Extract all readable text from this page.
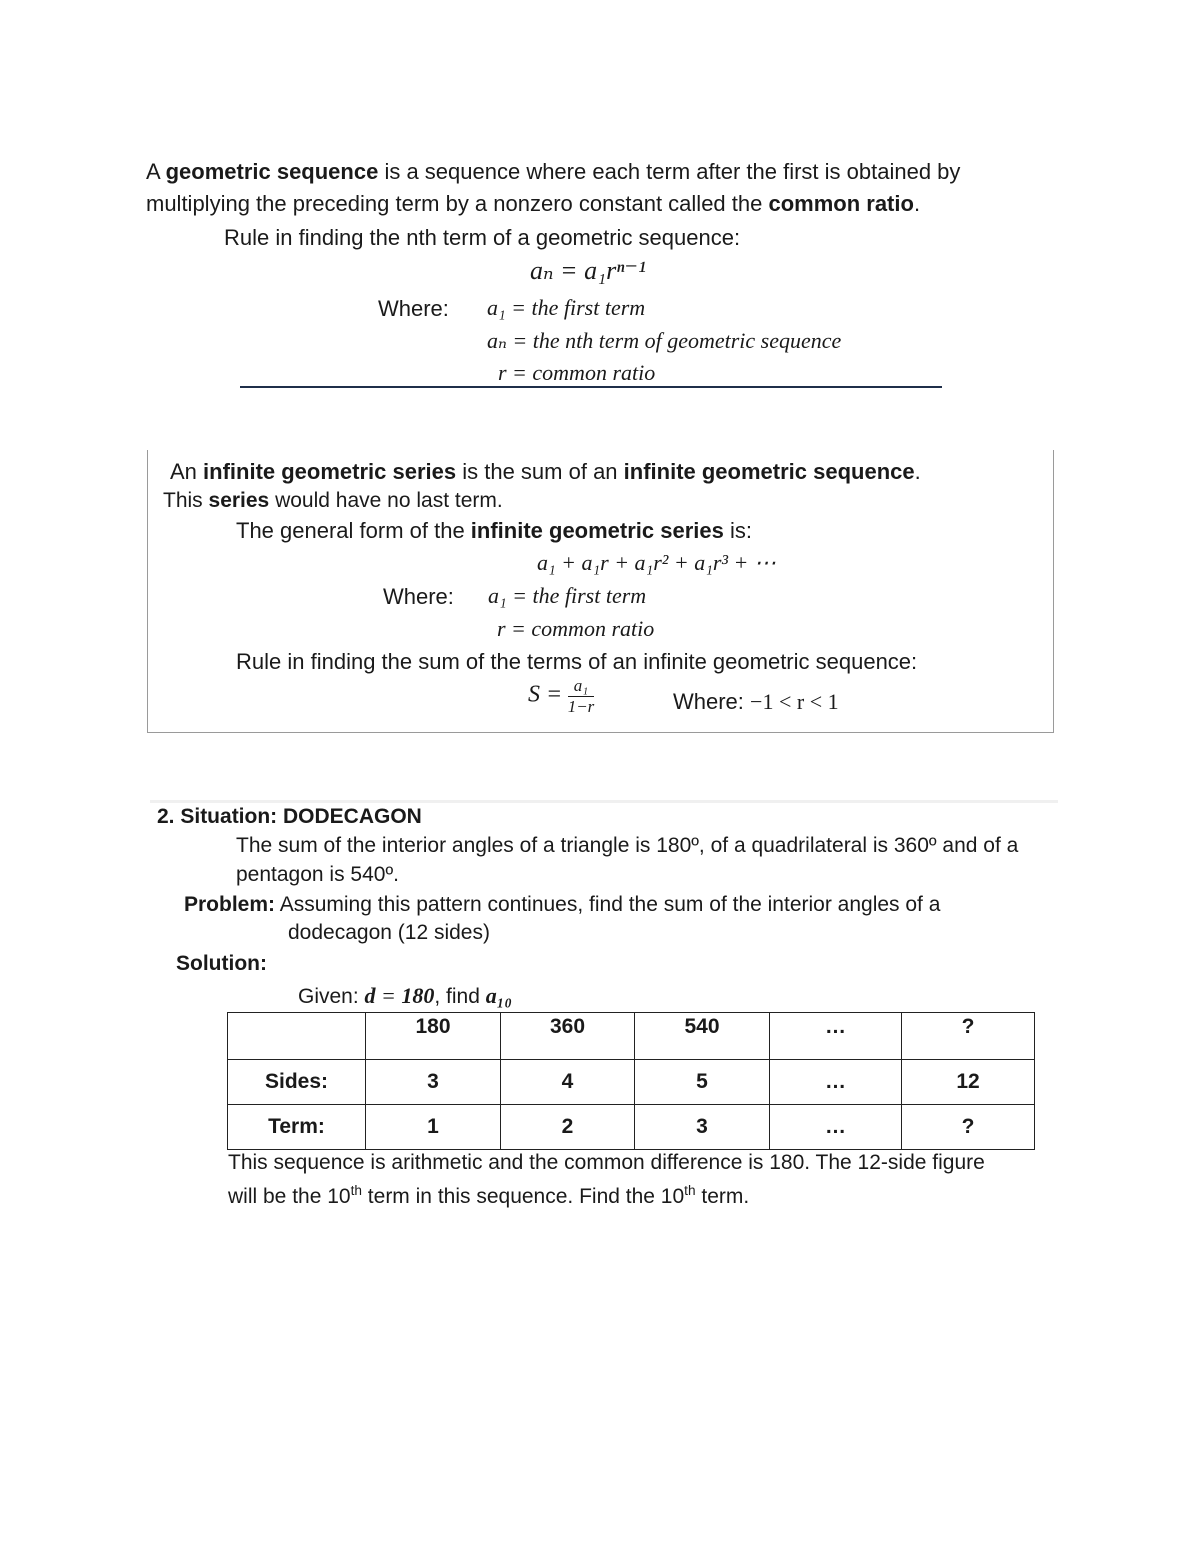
A geometric sequence is a sequence where each term after the first is obtained by
multiplying the preceding term by a nonzero constant called the common ratio.
Rule in finding the nth term of a geometric sequence:
aₙ = a₁rⁿ⁻¹
Where: a₁ = the first term
aₙ = the nth term of geometric sequence
r = common ratio
An infinite geometric series is the sum of an infinite geometric sequence.
This series would have no last term.
The general form of the infinite geometric series is:
a₁ + a₁r + a₁r² + a₁r³ + ⋯
Where: a₁ = the first term
r = common ratio
Rule in finding the sum of the terms of an infinite geometric sequence:
$S = \frac{\text{a₁}}{1-r}$	Where: −1 < r < 1
2. Situation: DODECAGON
The sum of the interior angles of a triangle is 180º, of a quadrilateral is 360º and of a
pentagon is 540º.
Problem: Assuming this pattern continues, find the sum of the interior angles of a
dodecagon (12 sides)
Solution:
Given: d = 180, find a₁₀
	180	360	540	…	?
Sides:	3	4	5	…	12
Term:	1	2	3	…	?
This sequence is arithmetic and the common difference is 180. The 12-side figure
will be the 10th term in this sequence. Find the 10th term.
